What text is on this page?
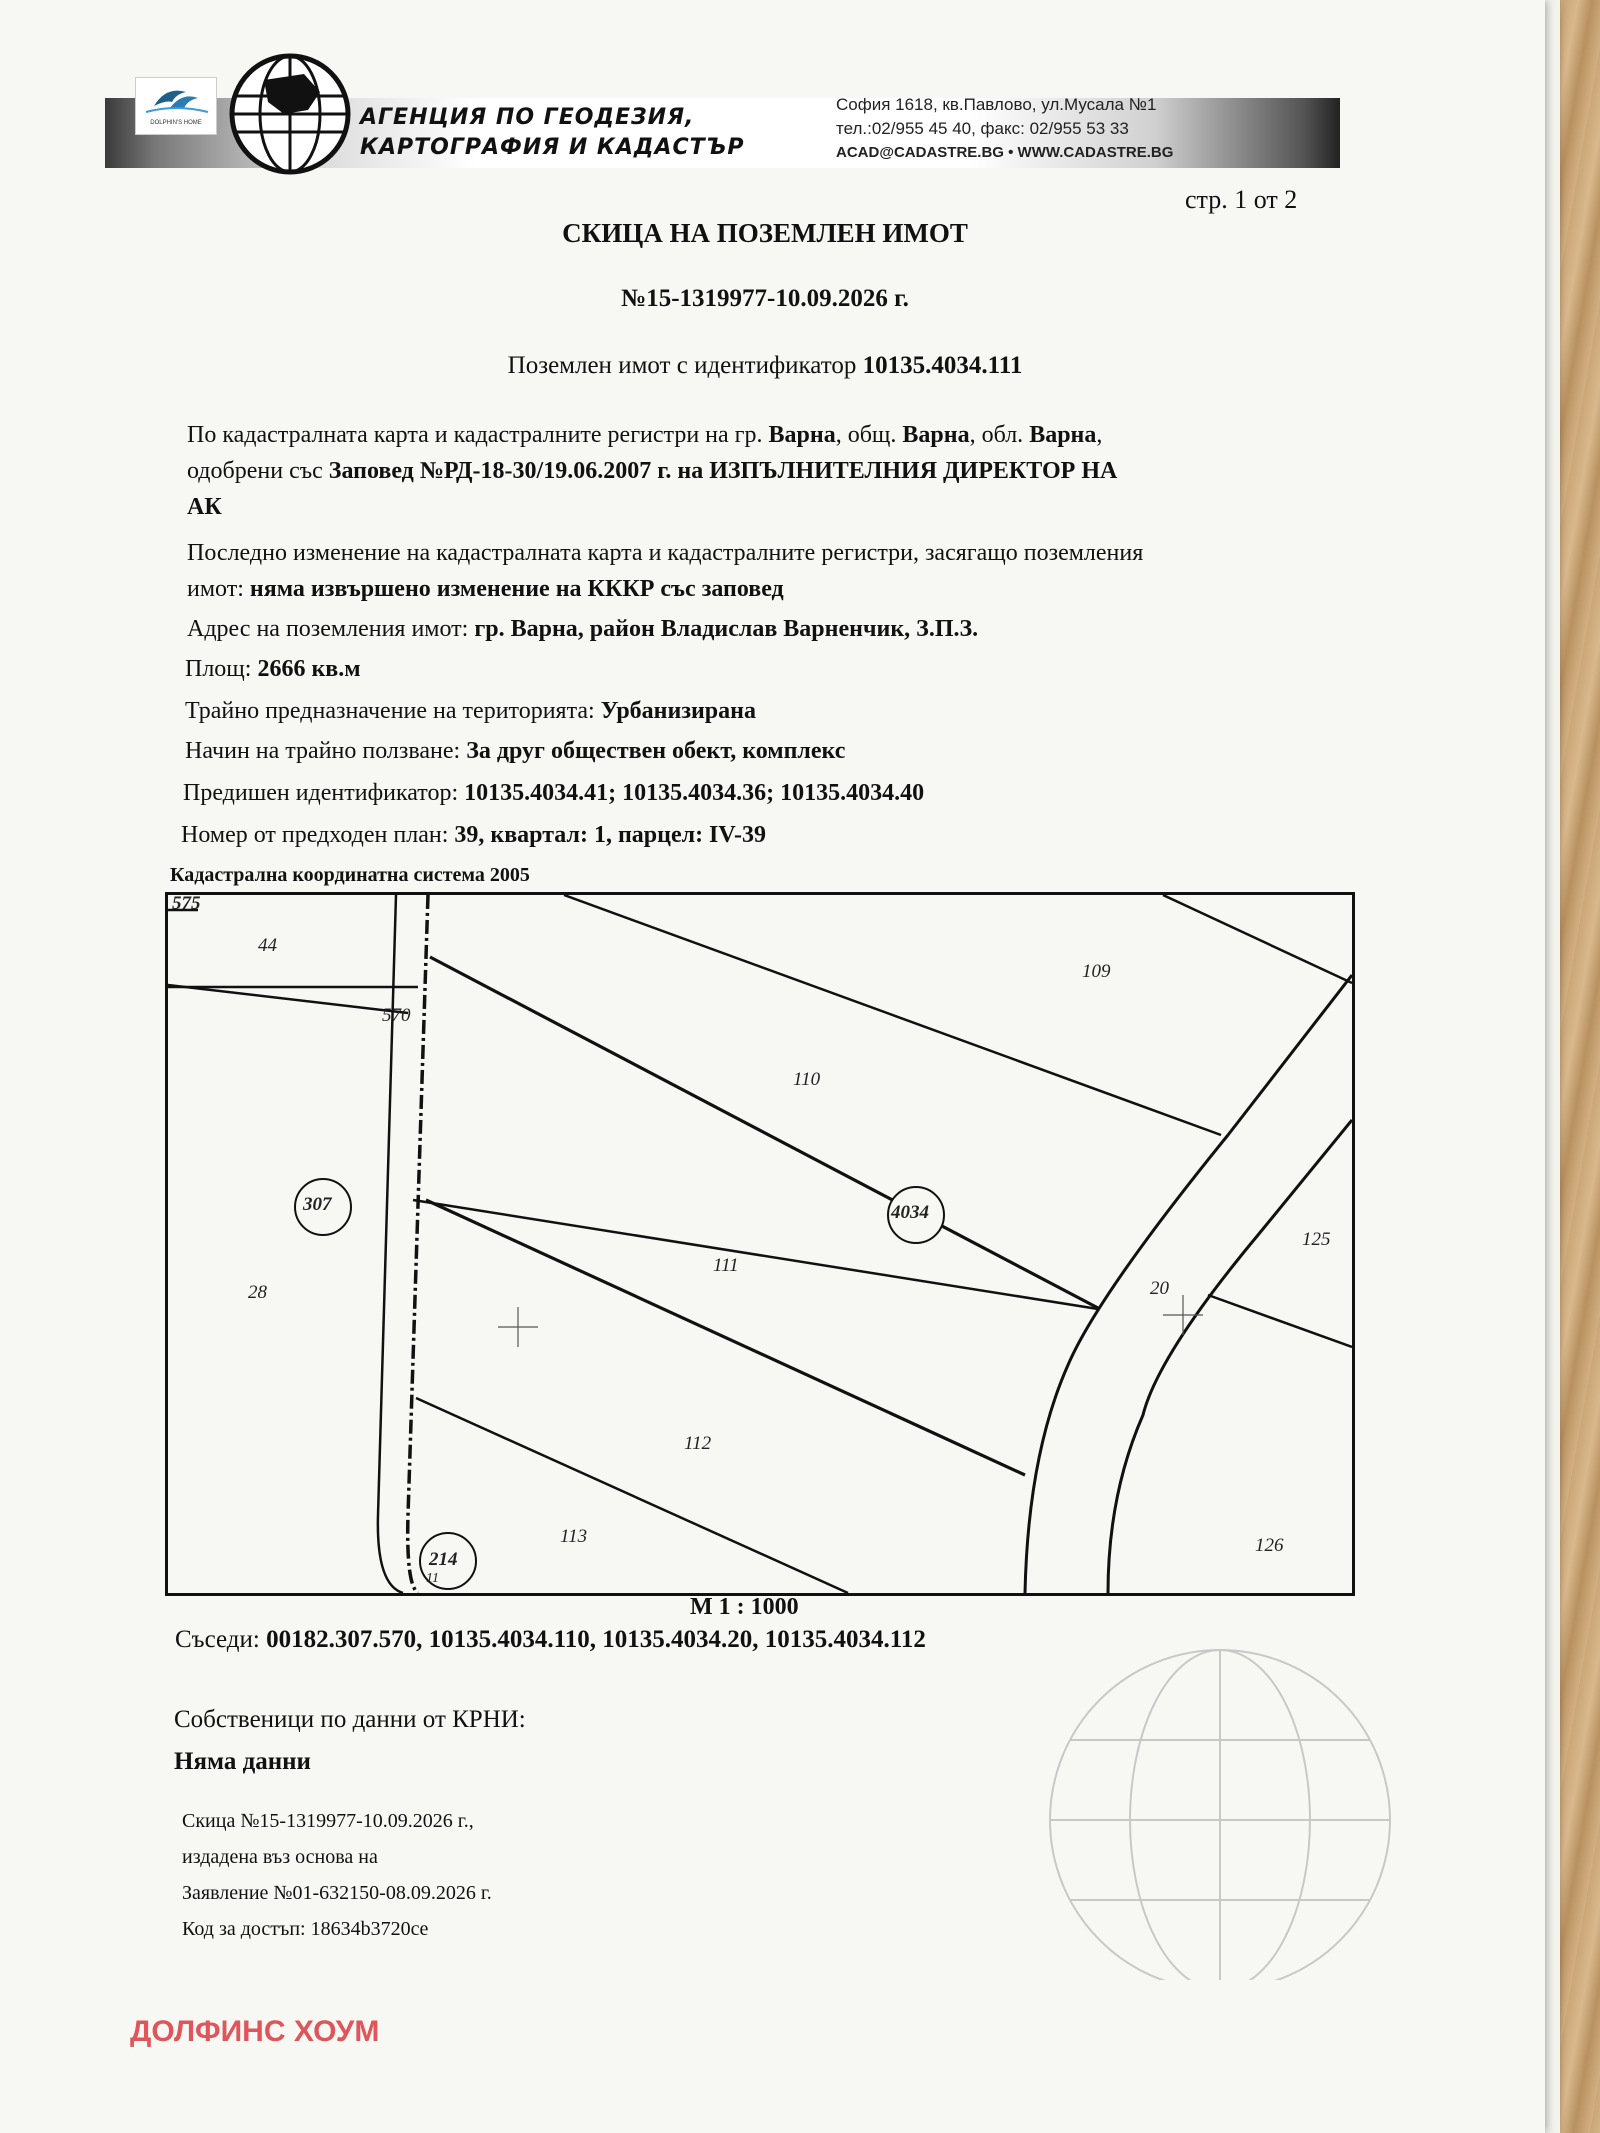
DOLPHIN'S HOME	АГЕНЦИЯ ПО ГЕОДЕЗИЯ,
КАРТОГРАФИЯ И КАДАСТЪР
София 1618, кв.Павлово, ул.Мусала №1
тел.:02/955 45 40, факс: 02/955 53 33
ACAD@CADASTRE.BG • WWW.CADASTRE.BG
стр. 1 от 2
СКИЦА НА ПОЗЕМЛЕН ИМОТ
№15-1319977-10.09.2026 г.
Поземлен имот с идентификатор 10135.4034.111
По кадастралната карта и кадастралните регистри на гр. Варна, общ. Варна, обл. Варна,
одобрени със Заповед №РД-18-30/19.06.2007 г. на ИЗПЪЛНИТЕЛНИЯ ДИРЕКТОР НА
АК
Последно изменение на кадастралната карта и кадастралните регистри, засягащо поземления
имот: няма извършено изменение на КККР със заповед
Адрес на поземления имот: гр. Варна, район Владислав Варненчик, З.П.З.
Площ: 2666 кв.м
Трайно предназначение на територията: Урбанизирана
Начин на трайно ползване: За друг обществен обект, комплекс
Предишен идентификатор: 10135.4034.41; 10135.4034.36; 10135.4034.40
Номер от предходен план: 39, квартал: 1, парцел: IV-39
Кадастрална координатна система 2005
575
44
570
109
110
307	4034
111
125
28	20
112
113
214
126
11
М 1 : 1000
Съседи: 00182.307.570, 10135.4034.110, 10135.4034.20, 10135.4034.112
Собственици по данни от КРНИ:
Няма данни
Скица №15-1319977-10.09.2026 г.,
издадена въз основа на
Заявление №01-632150-08.09.2026 г.
Код за достъп: 18634b3720ce
ДОЛФИНС ХОУМ
